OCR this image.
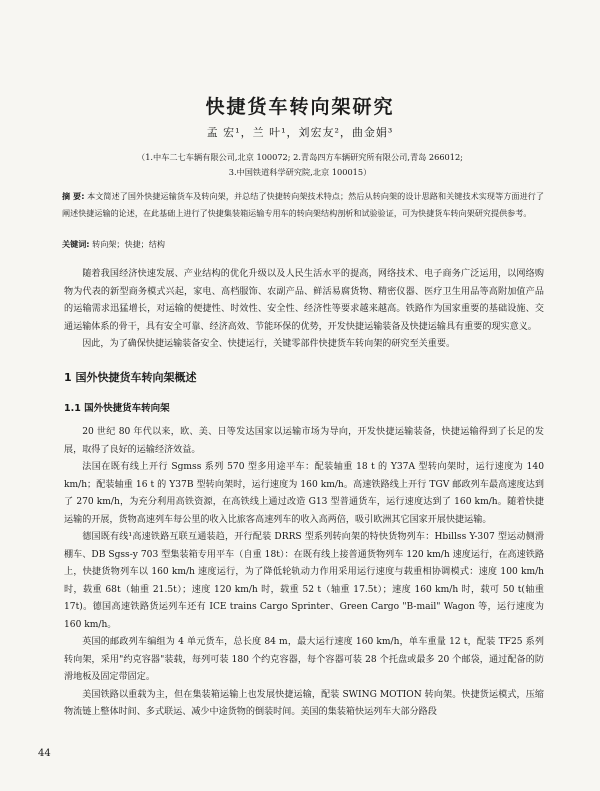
快捷货车转向架研究
孟 宏¹，兰 叶¹，刘宏友²，曲金娟³
（1.中车二七车辆有限公司,北京 100072; 2.青岛四方车辆研究所有限公司,青岛 266012;
3.中国铁道科学研究院,北京 100015）
摘 要: 本文简述了国外快捷运输货车及转向架，并总结了快捷转向架技术特点；然后从转向架的设计思路和关键技术实现等方面进行了阐述快捷运输的论述，在此基础上进行了快捷集装箱运输专用车的转向架结构剖析和试验验证，可为快捷货车转向架研究提供参考。
关键词: 转向架；快捷；结构

随着我国经济快速发展、产业结构的优化升级以及人民生活水平的提高，网络技术、电子商务广泛运用，以网络购物为代表的新型商务模式兴起，家电、高档服饰、农副产品、鲜活易腐货物、精密仪器、医疗卫生用品等高附加值产品的运输需求迅猛增长，对运输的便捷性、时效性、安全性、经济性等要求越来越高。铁路作为国家重要的基础设施、交通运输体系的骨干，具有安全可靠、经济高效、节能环保的优势，开发快捷运输装备及快捷运输具有重要的现实意义。

因此，为了确保快捷运输装备安全、快捷运行，关键零部件快捷货车转向架的研究至关重要。

1 国外快捷货车转向架概述
1.1 国外快捷货车转向架

20 世纪 80 年代以来，欧、美、日等发达国家以运输市场为导向，开发快捷运输装备，快捷运输得到了长足的发展，取得了良好的运输经济效益。

法国在既有线上开行 Sgmss 系列 570 型多用途平车：配装轴重 18 t 的 Y37A 型转向架时，运行速度为 140 km/h；配装轴重 16 t 的 Y37B 型转向架时，运行速度为 160 km/h。高速铁路线上开行 TGV 邮政列车最高速度达到了 270 km/h，为充分利用高铁资源，在高铁线上通过改造 G13 型普通货车，运行速度达到了 160 km/h。随着快捷运输的开展，货物高速列车每公里的收入比旅客高速列车的收入高两倍，吸引欧洲其它国家开展快捷运输。

德国既有线¹高速铁路互联互通装趋，开行配装 DRRS 型系列转向架的特快货物列车：Hbillss Y-307 型运动侧滑棚车、DB Sgss-y 703 型集装箱专用平车（自重 18t）：在既有线上接普通货物列车 120 km/h 速度运行，在高速铁路上，快捷货物列车以 160 km/h 速度运行，为了降低轮轨动力作用采用运行速度与载重相协调模式：速度 100 km/h 时，载重 68t（轴重 21.5t）；速度 120 km/h 时，载重 52 t（轴重 17.5t）；速度 160 km/h 时，载可 50 t(轴重 17t)。德国高速铁路货运列车还有 ICE trains Cargo Sprinter、Green Cargo "B-mail" Wagon 等，运行速度为 160 km/h。

英国的邮政列车编组为 4 单元货车，总长度 84 m，最大运行速度 160 km/h，单车重量 12 t，配装 TF25 系列转向架，采用"约克容器"装载，每列可装 180 个约克容器，每个容器可装 28 个托盘或最多 20 个邮袋，通过配备的防滑地板及固定带固定。

美国铁路以重载为主，但在集装箱运输上也发展快捷运输，配装 SWING MOTION 转向架。快捷货运模式，压缩物流链上整体时间、多式联运、减少中途货物的倒装时间。美国的集装箱快运列车大部分路段

44
